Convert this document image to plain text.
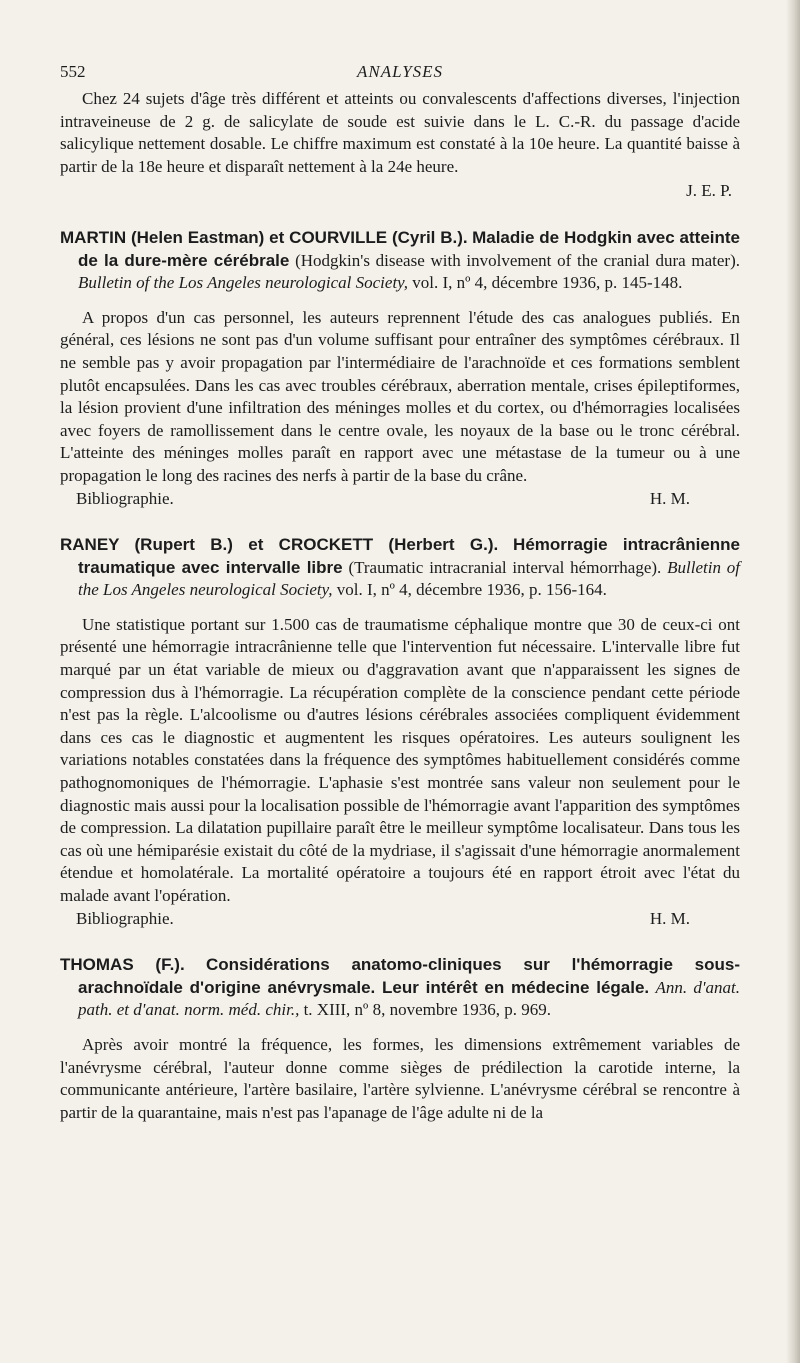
552	ANALYSES

Chez 24 sujets d'âge très différent et atteints ou convalescents d'affections diverses, l'injection intraveineuse de 2 g. de salicylate de soude est suivie dans le L. C.-R. du passage d'acide salicylique nettement dosable. Le chiffre maximum est constaté à la 10e heure. La quantité baisse à partir de la 18e heure et disparaît nettement à la 24e heure.

J. E. P.

MARTIN (Helen Eastman) et COURVILLE (Cyril B.). Maladie de Hodgkin avec atteinte de la dure-mère cérébrale (Hodgkin's disease with involvement of the cranial dura mater). Bulletin of the Los Angeles neurological Society, vol. I, nº 4, décembre 1936, p. 145-148.

A propos d'un cas personnel, les auteurs reprennent l'étude des cas analogues publiés. En général, ces lésions ne sont pas d'un volume suffisant pour entraîner des symptômes cérébraux. Il ne semble pas y avoir propagation par l'intermédiaire de l'arachnoïde et ces formations semblent plutôt encapsulées. Dans les cas avec troubles cérébraux, aberration mentale, crises épileptiformes, la lésion provient d'une infiltration des méninges molles et du cortex, ou d'hémorragies localisées avec foyers de ramollissement dans le centre ovale, les noyaux de la base ou le tronc cérébral. L'atteinte des méninges molles paraît en rapport avec une métastase de la tumeur ou à une propagation le long des racines des nerfs à partir de la base du crâne.

Bibliographie.	H. M.

RANEY (Rupert B.) et CROCKETT (Herbert G.). Hémorragie intracrânienne traumatique avec intervalle libre (Traumatic intracranial interval hémorrhage). Bulletin of the Los Angeles neurological Society, vol. I, nº 4, décembre 1936, p. 156-164.

Une statistique portant sur 1.500 cas de traumatisme céphalique montre que 30 de ceux-ci ont présenté une hémorragie intracrânienne telle que l'intervention fut nécessaire. L'intervalle libre fut marqué par un état variable de mieux ou d'aggravation avant que n'apparaissent les signes de compression dus à l'hémorragie. La récupération complète de la conscience pendant cette période n'est pas la règle. L'alcoolisme ou d'autres lésions cérébrales associées compliquent évidemment dans ces cas le diagnostic et augmentent les risques opératoires. Les auteurs soulignent les variations notables constatées dans la fréquence des symptômes habituellement considérés comme pathognomoniques de l'hémorragie. L'aphasie s'est montrée sans valeur non seulement pour le diagnostic mais aussi pour la localisation possible de l'hémorragie avant l'apparition des symptômes de compression. La dilatation pupillaire paraît être le meilleur symptôme localisateur. Dans tous les cas où une hémiparésie existait du côté de la mydriase, il s'agissait d'une hémorragie anormalement étendue et homolatérale. La mortalité opératoire a toujours été en rapport étroit avec l'état du malade avant l'opération.

Bibliographie.	H. M.

THOMAS (F.). Considérations anatomo-cliniques sur l'hémorragie sous-arachnoïdale d'origine anévrysmale. Leur intérêt en médecine légale. Ann. d'anat. path. et d'anat. norm. méd. chir., t. XIII, nº 8, novembre 1936, p. 969.

Après avoir montré la fréquence, les formes, les dimensions extrêmement variables de l'anévrysme cérébral, l'auteur donne comme sièges de prédilection la carotide interne, la communicante antérieure, l'artère basilaire, l'artère sylvienne. L'anévrysme cérébral se rencontre à partir de la quarantaine, mais n'est pas l'apanage de l'âge adulte ni de la
